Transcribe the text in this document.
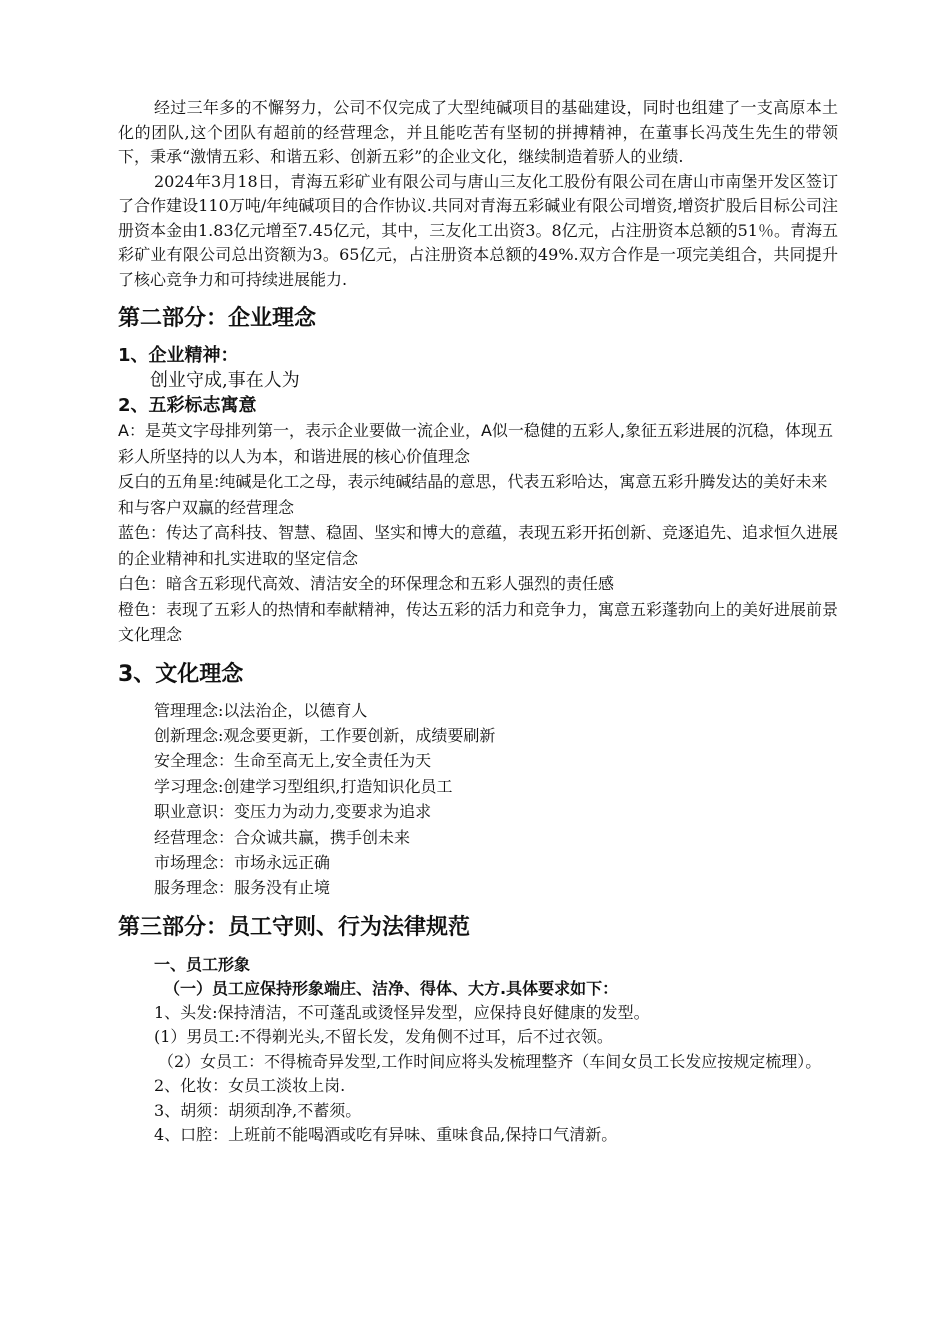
经过三年多的不懈努力，公司不仅完成了大型纯碱项目的基础建设，同时也组建了一支高原本土化的团队,这个团队有超前的经营理念，并且能吃苦有坚韧的拼搏精神，在董事长冯茂生先生的带领下，秉承“激情五彩、和谐五彩、创新五彩”的企业文化，继续制造着骄人的业绩.

2024年3月18日，青海五彩矿业有限公司与唐山三友化工股份有限公司在唐山市南堡开发区签订了合作建设110万吨/年纯碱项目的合作协议.共同对青海五彩碱业有限公司增资,增资扩股后目标公司注册资本金由1.83亿元增至7.45亿元，其中，三友化工出资3。8亿元，占注册资本总额的51％。青海五彩矿业有限公司总出资额为3。65亿元，占注册资本总额的49%.双方合作是一项完美组合，共同提升了核心竞争力和可持续进展能力.

第二部分：企业理念
1、企业精神：

创业守成,事在人为

2、五彩标志寓意

A：是英文字母排列第一，表示企业要做一流企业，A似一稳健的五彩人,象征五彩进展的沉稳，体现五彩人所坚持的以人为本，和谐进展的核心价值理念

反白的五角星:纯碱是化工之母，表示纯碱结晶的意思，代表五彩哈达，寓意五彩升腾发达的美好未来和与客户双赢的经营理念

蓝色：传达了高科技、智慧、稳固、坚实和博大的意蕴，表现五彩开拓创新、竞逐追先、追求恒久进展的企业精神和扎实进取的坚定信念

白色：暗含五彩现代高效、清洁安全的环保理念和五彩人强烈的责任感

橙色：表现了五彩人的热情和奉献精神，传达五彩的活力和竞争力，寓意五彩蓬勃向上的美好进展前景 文化理念

3、文化理念

管理理念:以法治企，以德育人

创新理念:观念要更新，工作要创新，成绩要刷新

安全理念：生命至高无上,安全责任为天

学习理念:创建学习型组织,打造知识化员工

职业意识：变压力为动力,变要求为追求

经营理念：合众诚共赢，携手创未来

市场理念：市场永远正确

服务理念：服务没有止境

第三部分：员工守则、行为法律规范

一、员工形象

（一）员工应保持形象端庄、洁净、得体、大方.具体要求如下：

1、头发:保持清洁，不可蓬乱或烫怪异发型，应保持良好健康的发型。

(1）男员工:不得剃光头,不留长发，发角侧不过耳，后不过衣领。

（2）女员工：不得梳奇异发型,工作时间应将头发梳理整齐（车间女员工长发应按规定梳理）。

2、化妆：女员工淡妆上岗.

3、胡须：胡须刮净,不蓄须。

4、口腔：上班前不能喝酒或吃有异味、重味食品,保持口气清新。
